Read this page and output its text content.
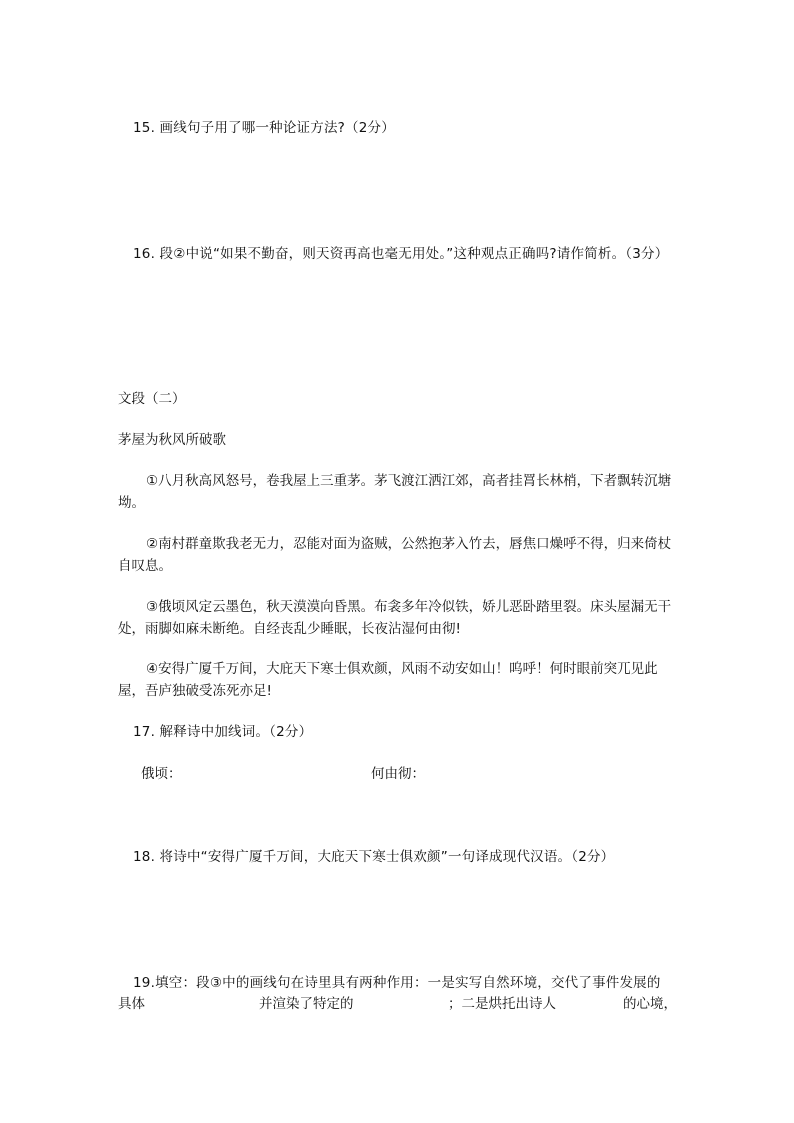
15. 画线句子用了哪一种论证方法?（2分）
16. 段②中说“如果不勤奋，则天资再高也毫无用处。”这种观点正确吗?请作简析。（3分）
文段（二）
茅屋为秋风所破歌
①八月秋高风怒号，卷我屋上三重茅。茅飞渡江洒江郊，高者挂罥长林梢，下者飘转沉塘坳。
②南村群童欺我老无力，忍能对面为盗贼，公然抱茅入竹去，唇焦口燥呼不得，归来倚杖自叹息。
③俄顷风定云墨色，秋天漠漠向昏黑。布衾多年冷似铁，娇儿恶卧踏里裂。床头屋漏无干处，雨脚如麻未断绝。自经丧乱少睡眠，长夜沾湿何由彻!
④安得广厦千万间，大庇天下寒士俱欢颜，风雨不动安如山！呜呼！何时眼前突兀见此屋，吾庐独破受冻死亦足!
17. 解释诗中加线词。（2分）
俄顷：	何由彻：
18. 将诗中“安得广厦千万间，大庇天下寒士俱欢颜”一句译成现代汉语。（2分）
19.填空：段③中的画线句在诗里具有两种作用：一是实写自然环境，交代了事件发展的
具体	并渲染了特定的	；二是烘托出诗人	的心境，
